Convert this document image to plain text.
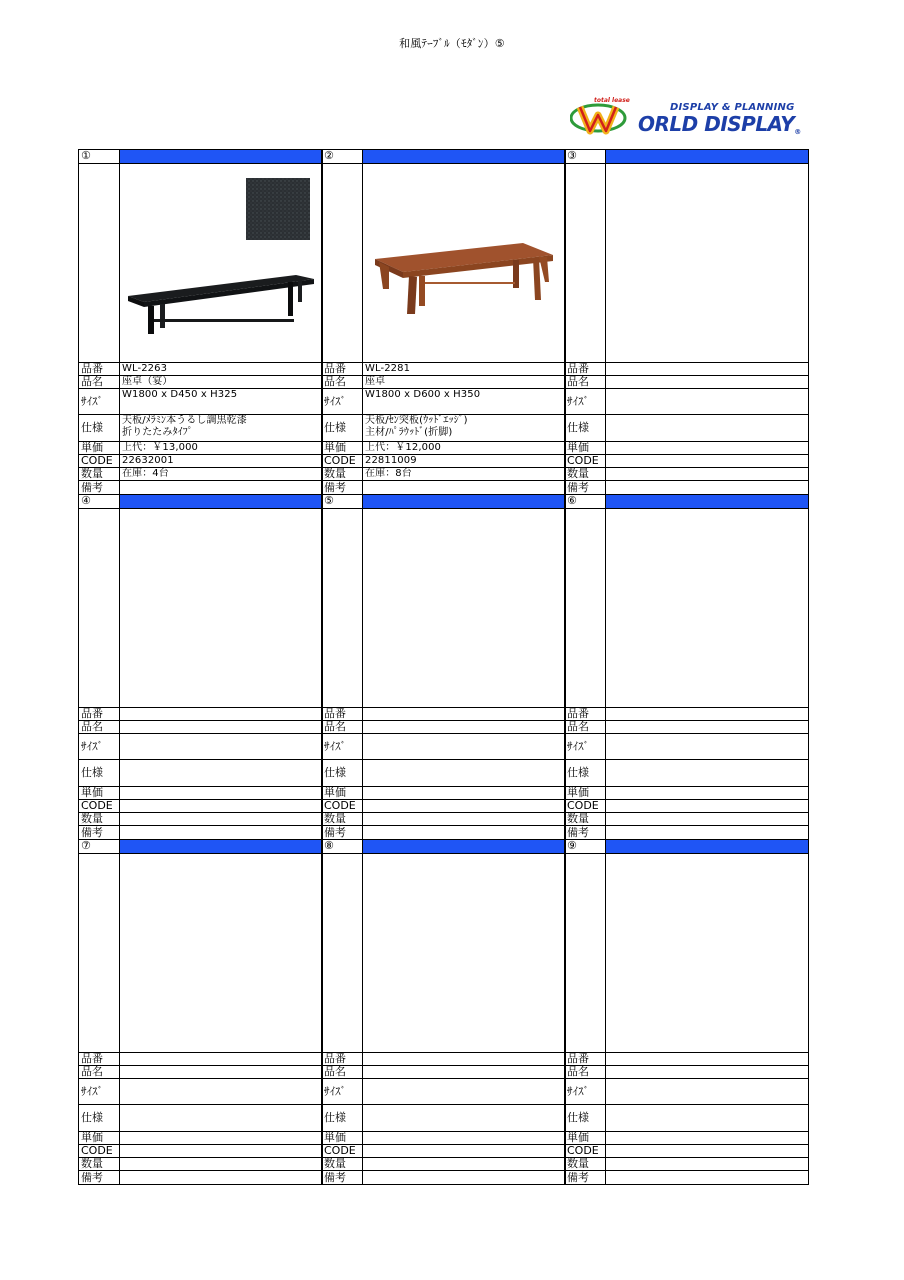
和風ﾃｰﾌﾞﾙ（ﾓﾀﾞﾝ）⑤
total lease
DISPLAY & PLANNING
ORLD DISPLAY®
①
品番	WL-2263
品名	座卓（宴）
ｻｲｽﾞ	W1800 x D450 x H325
仕様
天板/ﾒﾗﾐﾝ本うるし調黒乾漆
折りたたみﾀｲﾌﾟ
単価	上代：￥13,000
CODE 22632001
数量	在庫：4台
備考
②
品番	WL-2281
品名	座卓
ｻｲｽﾞ	W1800 x D600 x H350
仕様
天板/ｾﾝ突板(ｳｯﾄﾞｴｯｼﾞ)
主材/ﾊﾟﾗｳｯﾄﾞ(折脚)
単価	上代：￥12,000
CODE 22811009
数量	在庫：8台
備考
③
品番
品名
ｻｲｽﾞ
仕様
単価
CODE
数量
備考
④
品番
品名
ｻｲｽﾞ
仕様
単価
CODE
数量
備考
⑤
品番
品名
ｻｲｽﾞ
仕様
単価
CODE
数量
備考
⑥
品番
品名
ｻｲｽﾞ
仕様
単価
CODE
数量
備考
⑦
品番
品名
ｻｲｽﾞ
仕様
単価
CODE
数量
備考
⑧
品番
品名
ｻｲｽﾞ
仕様
単価
CODE
数量
備考
⑨
品番
品名
ｻｲｽﾞ
仕様
単価
CODE
数量
備考
